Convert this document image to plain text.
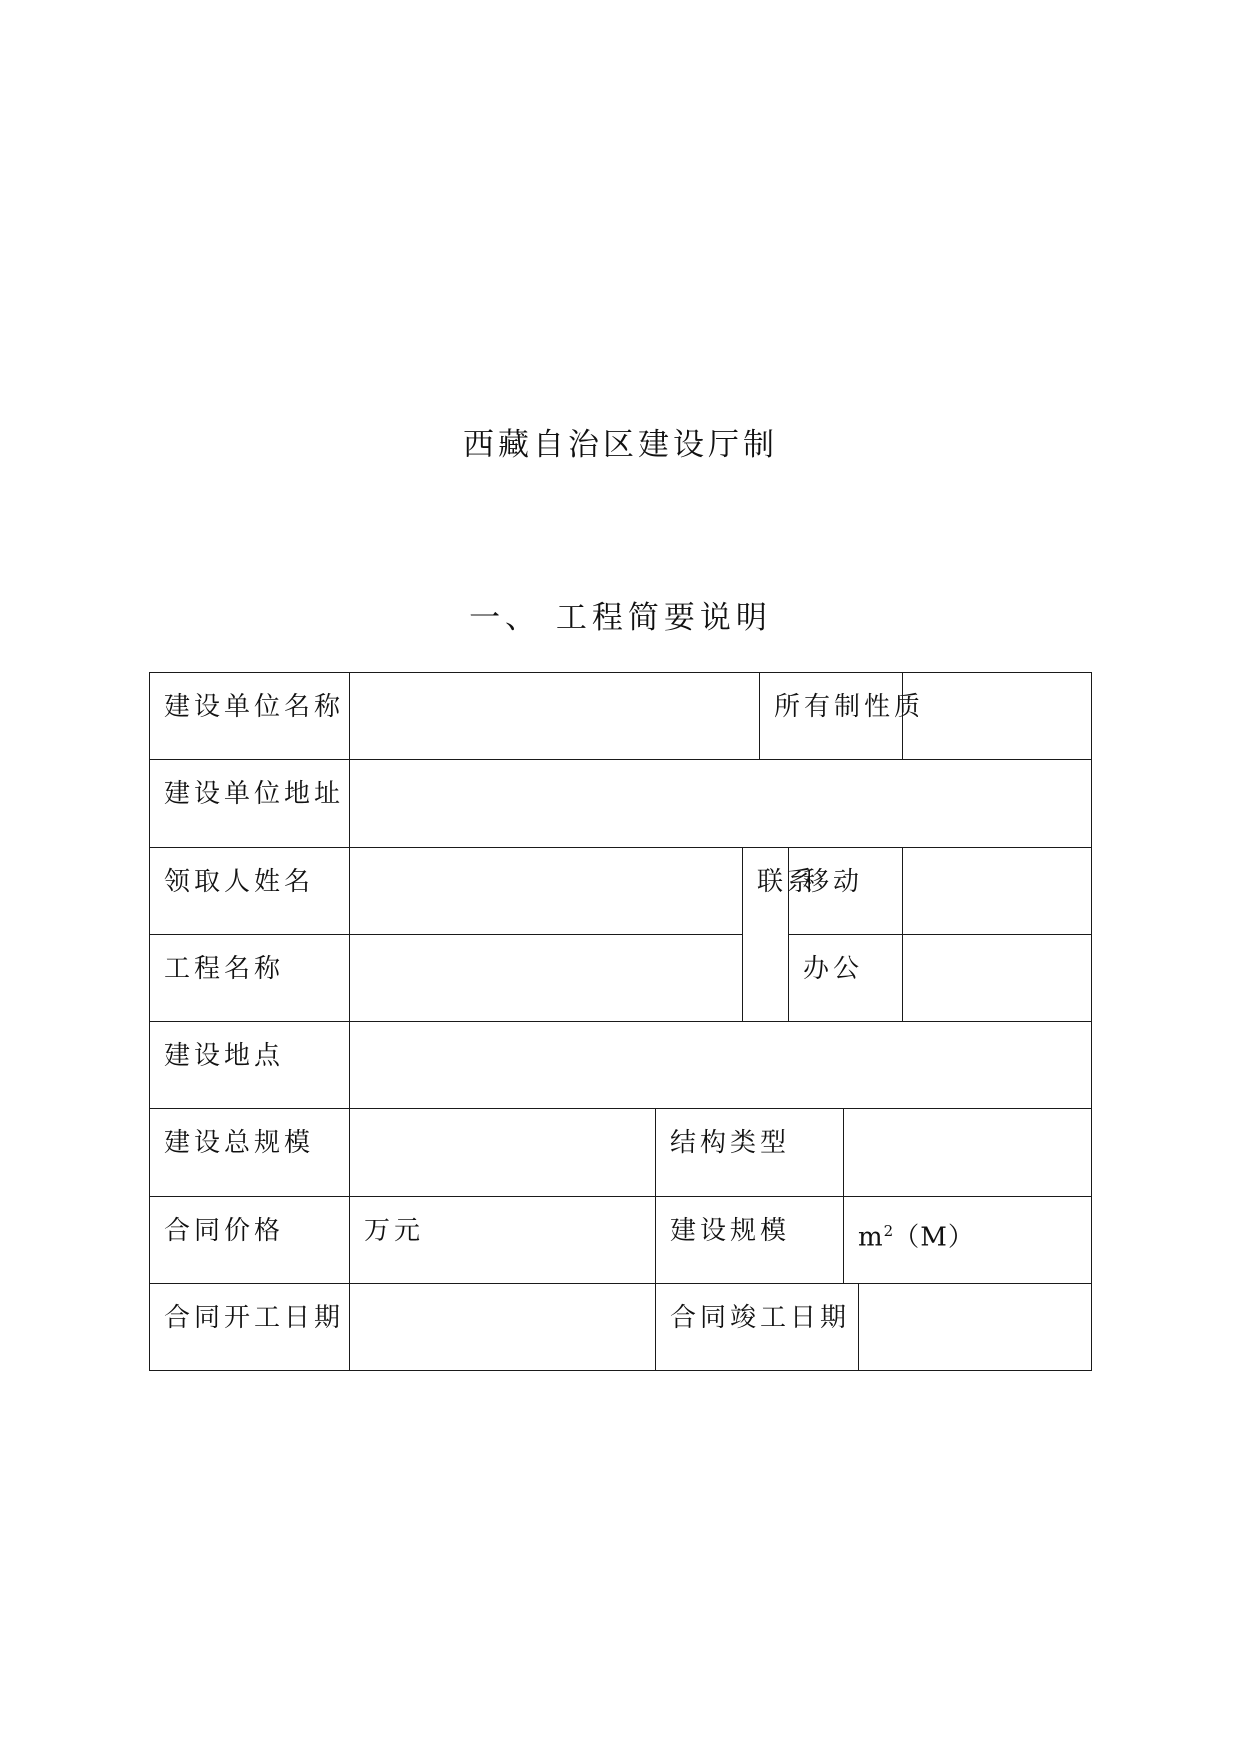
西藏自治区建设厅制
一、 工程简要说明
建设单位名称				所有制性质				
建设单位地址								
领取人姓名			联系		移动			
工程名称					办公			
建设地点								
建设总规模		结构类型						
合同价格	万元	建设规模				$m^2(M)$		
合同开工日期		合同竣工日期						
